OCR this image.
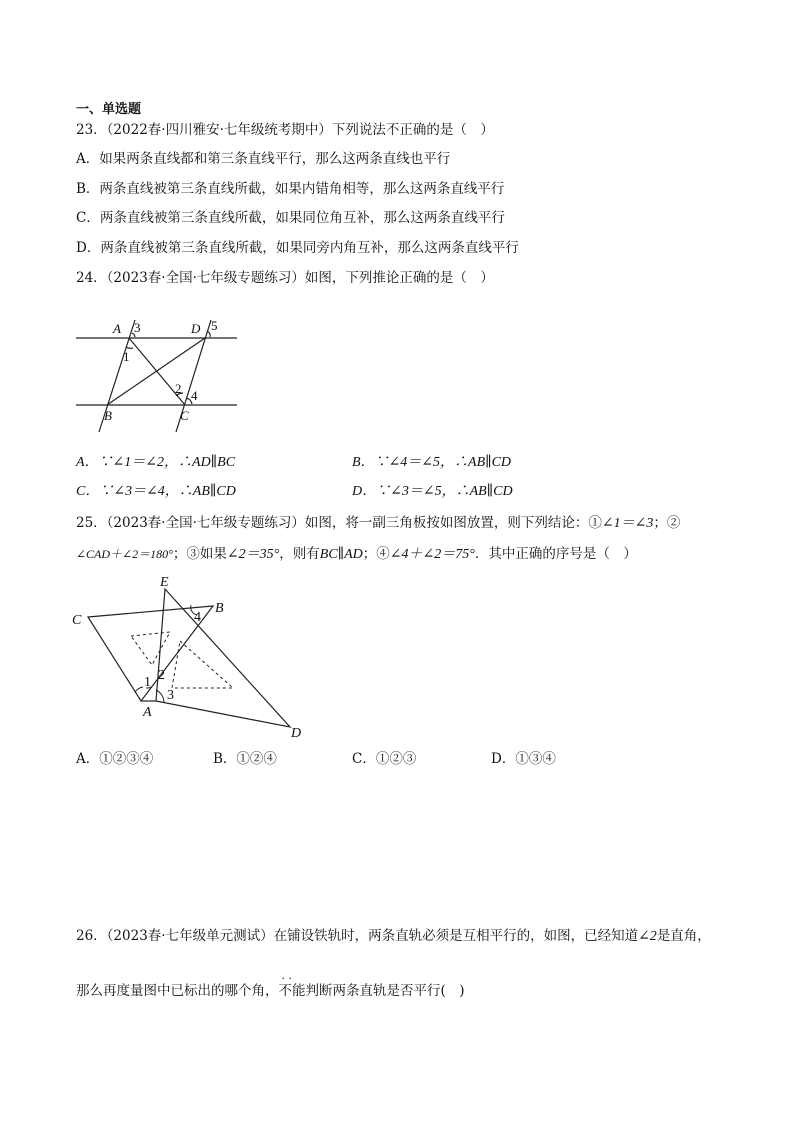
一、单选题
23．（2022春·四川雅安·七年级统考期中）下列说法不正确的是（　）
A．如果两条直线都和第三条直线平行，那么这两条直线也平行
B．两条直线被第三条直线所截，如果内错角相等，那么这两条直线平行
C．两条直线被第三条直线所截，如果同位角互补，那么这两条直线平行
D．两条直线被第三条直线所截，如果同旁内角互补，那么这两条直线平行
24．（2023春·全国·七年级专题练习）如图，下列推论正确的是（　）
A 3	D 5
1
2 4
B	C
A．∵∠1＝∠2，∴AD∥BC	B．∵∠4＝∠5，∴AB∥CD
C．∵∠3＝∠4，∴AB∥CD	D．∵∠3＝∠5，∴AB∥CD
25．（2023春·全国·七年级专题练习）如图，将一副三角板按如图放置，则下列结论：①∠1＝∠3；②
∠CAD＋∠2＝180°；③如果∠2＝35°，则有BC∥AD；④∠4＋∠2＝75°．其中正确的序号是（　）
E
B
C	4
2
1
3
A
D
A．①②③④	B．①②④	C．①②③	D．①③④
26．（2023春·七年级单元测试）在铺设铁轨时，两条直轨必须是互相平行的，如图，已经知道∠2是直角，
那么再度量图中已标出的哪个角，不能
· ·
判断两条直轨是否平行(　)
